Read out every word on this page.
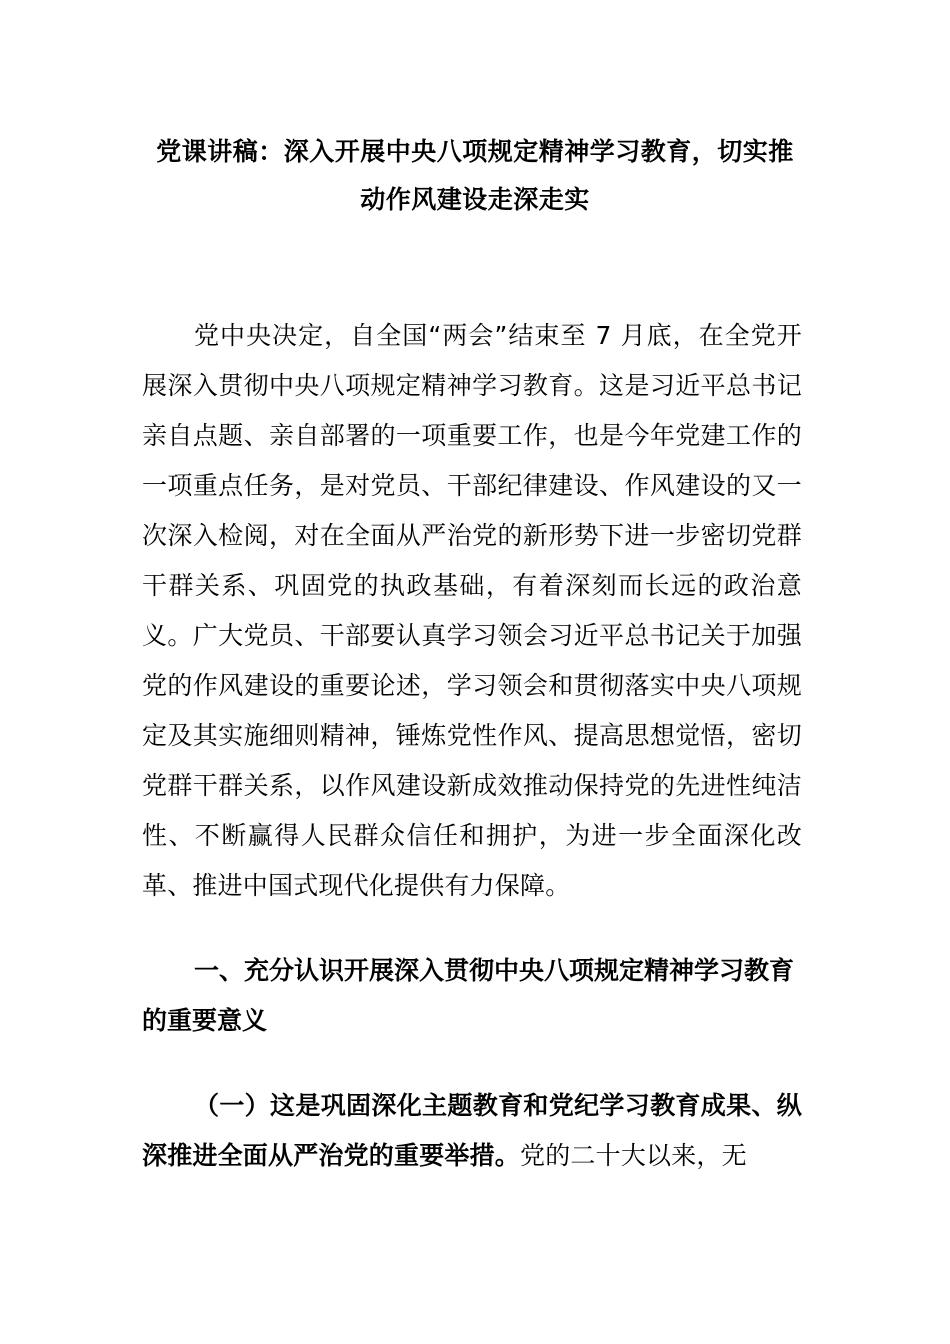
党课讲稿：深入开展中央八项规定精神学习教育，切实推
动作风建设走深走实

党中央决定，自全国“两会”结束至 7 月底，在全党开展深入贯彻中央八项规定精神学习教育。这是习近平总书记亲自点题、亲自部署的一项重要工作，也是今年党建工作的一项重点任务，是对党员、干部纪律建设、作风建设的又一次深入检阅，对在全面从严治党的新形势下进一步密切党群干群关系、巩固党的执政基础，有着深刻而长远的政治意义。广大党员、干部要认真学习领会习近平总书记关于加强党的作风建设的重要论述，学习领会和贯彻落实中央八项规定及其实施细则精神，锤炼党性作风、提高思想觉悟，密切党群干群关系，以作风建设新成效推动保持党的先进性纯洁性、不断赢得人民群众信任和拥护，为进一步全面深化改革、推进中国式现代化提供有力保障。

一、充分认识开展深入贯彻中央八项规定精神学习教育的重要意义

（一）这是巩固深化主题教育和党纪学习教育成果、纵深推进全面从严治党的重要举措。党的二十大以来，无
